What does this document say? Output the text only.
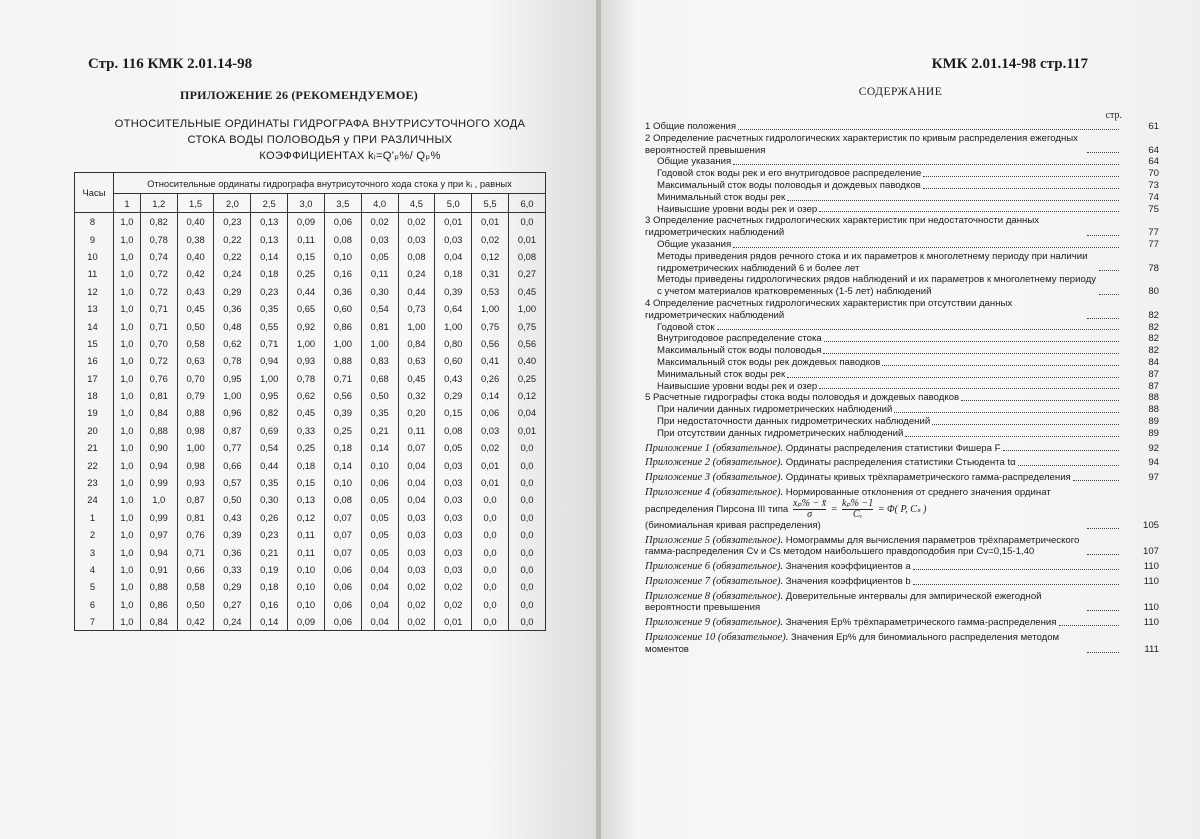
Стр. 116 КМК 2.01.14-98
ПРИЛОЖЕНИЕ 26 (РЕКОМЕНДУЕМОЕ)
ОТНОСИТЕЛЬНЫЕ ОРДИНАТЫ ГИДРОГРАФА ВНУТРИСУТОЧНОГО ХОДА
СТОКА ВОДЫ ПОЛОВОДЬЯ y ПРИ РАЗЛИЧНЫХ
КОЭФФИЦИЕНТАХ kᵢ=Q'ₚ%/ Qₚ%
Часы	Относительные ординаты гидрографа внутрисуточного хода стока y при kᵢ , равных											
	1	1,2	1,5	2,0	2,5	3,0	3,5	4,0	4,5	5,0	5,5	6,0
8	1,0	0,82	0,40	0,23	0,13	0,09	0,06	0,02	0,02	0,01	0,01	0,0
9	1,0	0,78	0,38	0,22	0,13	0,11	0,08	0,03	0,03	0,03	0,02	0,01
10	1,0	0,74	0,40	0,22	0,14	0,15	0,10	0,05	0,08	0,04	0,12	0,08
11	1,0	0,72	0,42	0,24	0,18	0,25	0,16	0,11	0,24	0,18	0,31	0,27
12	1,0	0,72	0,43	0,29	0,23	0,44	0,36	0,30	0,44	0,39	0,53	0,45
13	1,0	0,71	0,45	0,36	0,35	0,65	0,60	0,54	0,73	0,64	1,00	1,00
14	1,0	0,71	0,50	0,48	0,55	0,92	0,86	0,81	1,00	1,00	0,75	0,75
15	1,0	0,70	0,58	0,62	0,71	1,00	1,00	1,00	0,84	0,80	0,56	0,56
16	1,0	0,72	0,63	0,78	0,94	0,93	0,88	0,83	0,63	0,60	0,41	0,40
17	1,0	0,76	0,70	0,95	1,00	0,78	0,71	0,68	0,45	0,43	0,26	0,25
18	1,0	0,81	0,79	1,00	0,95	0,62	0,56	0,50	0,32	0,29	0,14	0,12
19	1,0	0,84	0,88	0,96	0,82	0,45	0,39	0,35	0,20	0,15	0,06	0,04
20	1,0	0,88	0,98	0,87	0,69	0,33	0,25	0,21	0,11	0,08	0,03	0,01
21	1,0	0,90	1,00	0,77	0,54	0,25	0,18	0,14	0,07	0,05	0,02	0,0
22	1,0	0,94	0,98	0,66	0,44	0,18	0,14	0,10	0,04	0,03	0,01	0,0
23	1,0	0,99	0,93	0,57	0,35	0,15	0,10	0,06	0,04	0,03	0,01	0,0
24	1,0	1,0	0,87	0,50	0,30	0,13	0,08	0,05	0,04	0,03	0,0	0,0
1	1,0	0,99	0,81	0,43	0,26	0,12	0,07	0,05	0,03	0,03	0,0	0,0
2	1,0	0,97	0,76	0,39	0,23	0,11	0,07	0,05	0,03	0,03	0,0	0,0
3	1,0	0,94	0,71	0,36	0,21	0,11	0,07	0,05	0,03	0,03	0,0	0,0
4	1,0	0,91	0,66	0,33	0,19	0,10	0,06	0,04	0,03	0,03	0,0	0,0
5	1,0	0,88	0,58	0,29	0,18	0,10	0,06	0,04	0,02	0,02	0,0	0,0
6	1,0	0,86	0,50	0,27	0,16	0,10	0,06	0,04	0,02	0,02	0,0	0,0
7	1,0	0,84	0,42	0,24	0,14	0,09	0,06	0,04	0,02	0,01	0,0	0,0
КМК 2.01.14-98 стр.117
СОДЕРЖАНИЕ
стр.
1 Общие положения	61
2 Определение расчетных гидрологических характеристик по кривым распределения ежегодных вероятностей превышения	64
Общие указания	64
Годовой сток воды рек и его внутригодовое распределение	70
Максимальный сток воды половодья и дождевых паводков	73
Минимальный сток воды рек	74
Наивысшие уровни воды рек и озер	75
3 Определение расчетных гидрологических характеристик при недостаточности данных гидрометрических наблюдений	77
Общие указания	77
Методы приведения рядов речного стока и их параметров к многолетнему периоду при наличии гидрометрических наблюдений 6 и более лет	78
Методы приведены гидрологических рядов наблюдений и их параметров к многолетнему периоду с учетом материалов кратковременных (1-5 лет) наблюдений	80
4 Определение расчетных гидрологических характеристик при отсутствии данных гидрометрических наблюдений	82
Годовой сток	82
Внутригодовое распределение стока	82
Максимальный сток воды половодья	82
Максимальный сток воды рек дождевых паводков	84
Минимальный сток воды рек	87
Наивысшие уровни воды рек и озер	87
5 Расчетные гидрографы стока воды половодья и дождевых паводков	88
При наличии данных гидрометрических наблюдений	88
При недостаточности данных гидрометрических наблюдений	89
При отсутствии данных гидрометрических наблюдений	89
Приложение 1 (обязательное). Ординаты распределения статистики Фишера F	92
Приложение 2 (обязательное). Ординаты распределения статистики Стьюдента tα	94
Приложение 3 (обязательное). Ординаты кривых трёхпараметрического гамма-распределения	97
Приложение 4 (обязательное). Нормированные отклонения от среднего значения ординат распределения Пирсона III типа $\frac{\text{xₚ\% − x̄}}{\sigma} = \frac{\text{kₚ\% −1}}{\text{Cᵥ}} = \Phi$( P, Cₛ )
(биномиальная кривая распределения)	105
Приложение 5 (обязательное). Номограммы для вычисления параметров трёхпараметрического гамма-распределения Cv и Cs методом наибольшего правдоподобия при Cv=0,15-1,40	107
Приложение 6 (обязательное). Значения коэффициентов a	110
Приложение 7 (обязательное). Значения коэффициентов b	110
Приложение 8 (обязательное). Доверительные интервалы для эмпирической ежегодной вероятности превышения	110
Приложение 9 (обязательное). Значения Ep% трёхпараметрического гамма-распределения	110
Приложение 10 (обязательное). Значения Ep% для биномиального распределения методом моментов	111
